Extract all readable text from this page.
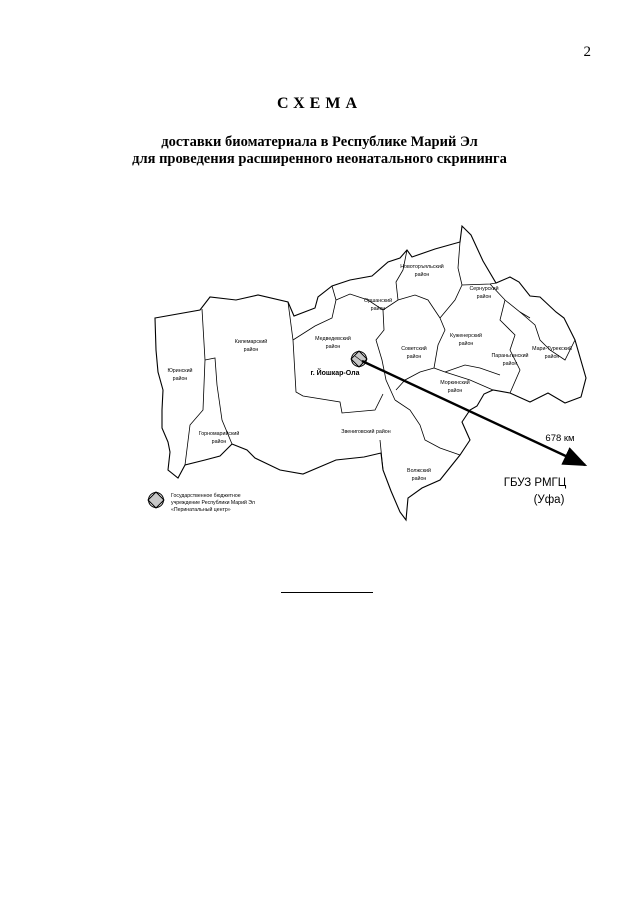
2
СХЕМА
доставки биоматериала в Республике Марий Эл
для проведения расширенного неонатального скрининга
Новоторъяльский
район
Сернурский
район
Оршанский
район
Килемарский
район
Медведевский
район	Советский
район
Куженерский
район
Мари-Турекский
район
Параньгинский
район
Юринский
район
Моркинский
район
Горномарийский
район
Звениговский район
Волжский
район
г. Йошкар-Ола
678 км
ГБУЗ РМГЦ
(Уфа)
Государственное бюджетное
учреждение Республики Марий Эл
«Перинатальный центр»
